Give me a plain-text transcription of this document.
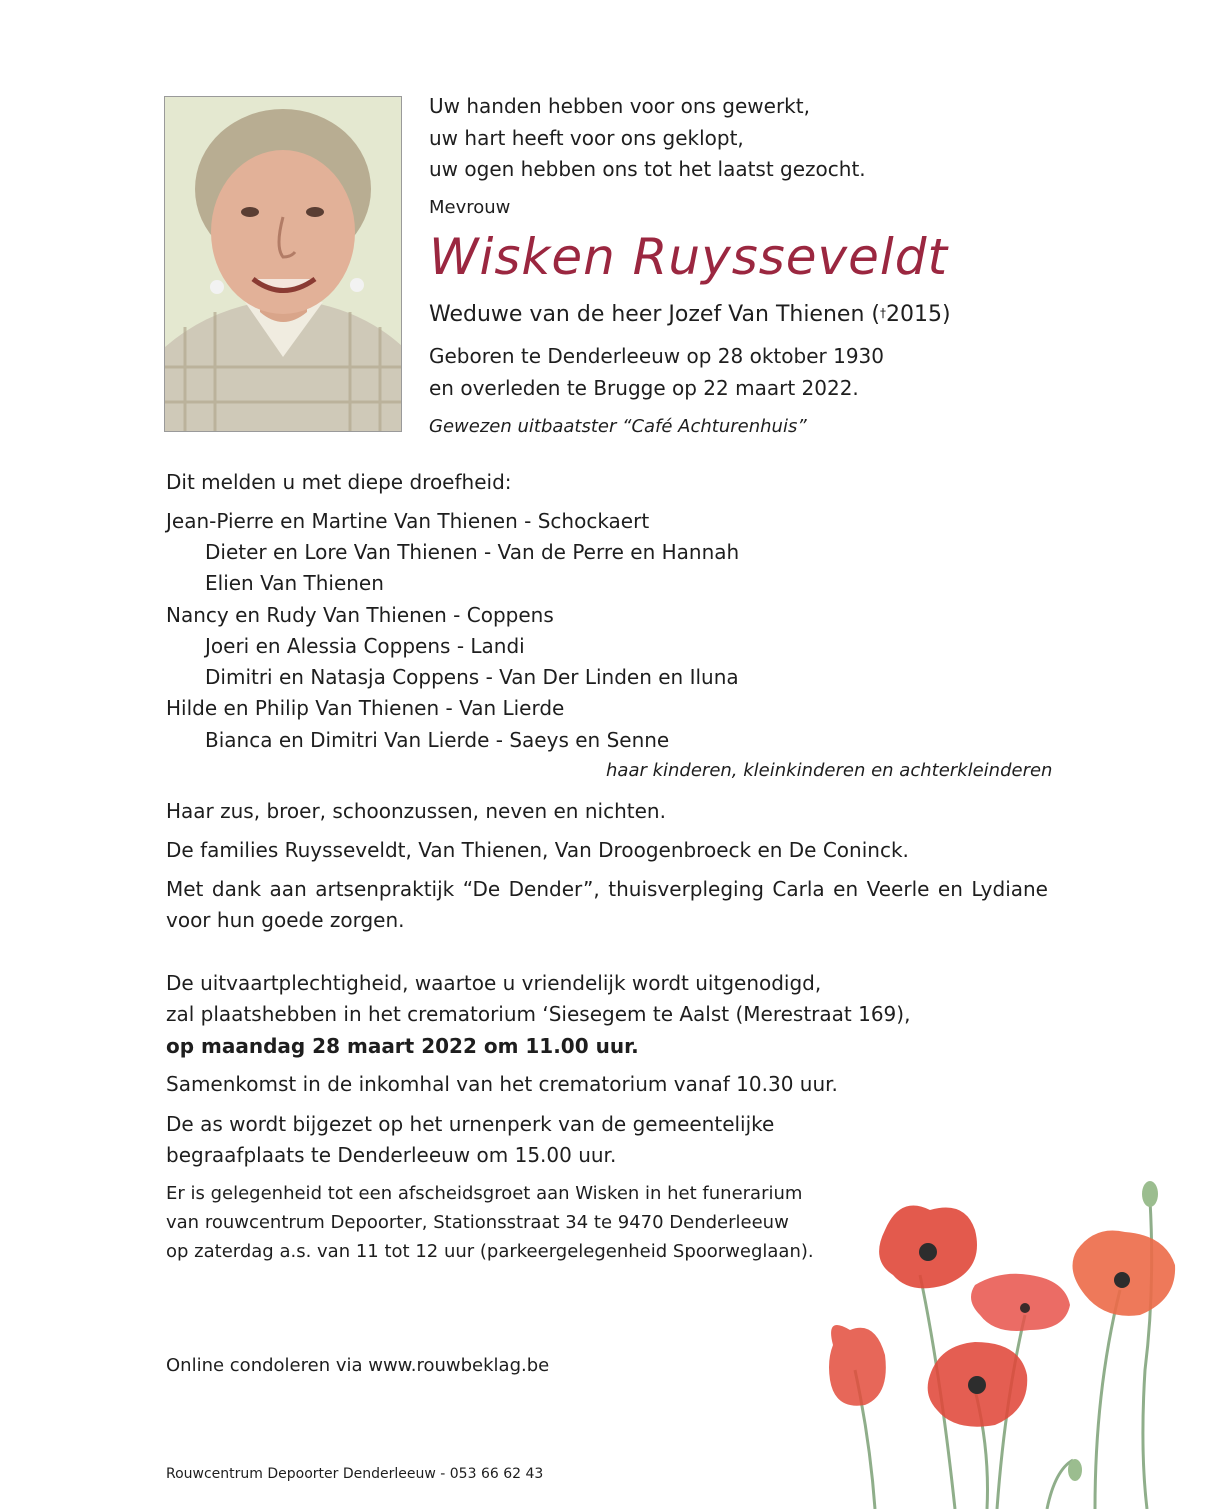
Uw handen hebben voor ons gewerkt,
uw hart heeft voor ons geklopt,
uw ogen hebben ons tot het laatst gezocht.
Mevrouw
Wisken Ruysseveldt
Weduwe van de heer Jozef Van Thienen (†2015)
Geboren te Denderleeuw op 28 oktober 1930
en overleden te Brugge op 22 maart 2022.
Gewezen uitbaatster “Café Achturenhuis”
Dit melden u met diepe droefheid:
Jean-Pierre en Martine Van Thienen - Schockaert
Dieter en Lore Van Thienen - Van de Perre en Hannah
Elien Van Thienen
Nancy en Rudy Van Thienen - Coppens
Joeri en Alessia Coppens - Landi
Dimitri en Natasja Coppens - Van Der Linden en Iluna
Hilde en Philip Van Thienen - Van Lierde
Bianca en Dimitri Van Lierde - Saeys en Senne
haar kinderen, kleinkinderen en achterkleinderen
Haar zus, broer, schoonzussen, neven en nichten.
De families Ruysseveldt, Van Thienen, Van Droogenbroeck en De Coninck.
Met dank aan artsenpraktijk “De Dender”, thuisverpleging Carla en Veerle en Lydiane voor hun goede zorgen.
De uitvaartplechtigheid, waartoe u vriendelijk wordt uitgenodigd,
zal plaatshebben in het crematorium ‘Siesegem te Aalst (Merestraat 169),
op maandag 28 maart 2022 om 11.00 uur.
Samenkomst in de inkomhal van het crematorium vanaf 10.30 uur.
De as wordt bijgezet op het urnenperk van de gemeentelijke
begraafplaats te Denderleeuw om 15.00 uur.
Er is gelegenheid tot een afscheidsgroet aan Wisken in het funerarium
van rouwcentrum Depoorter, Stationsstraat 34 te 9470 Denderleeuw
op zaterdag a.s. van 11 tot 12 uur (parkeergelegenheid Spoorweglaan).
Online condoleren via www.rouwbeklag.be
Rouwcentrum Depoorter Denderleeuw - 053 66 62 43
